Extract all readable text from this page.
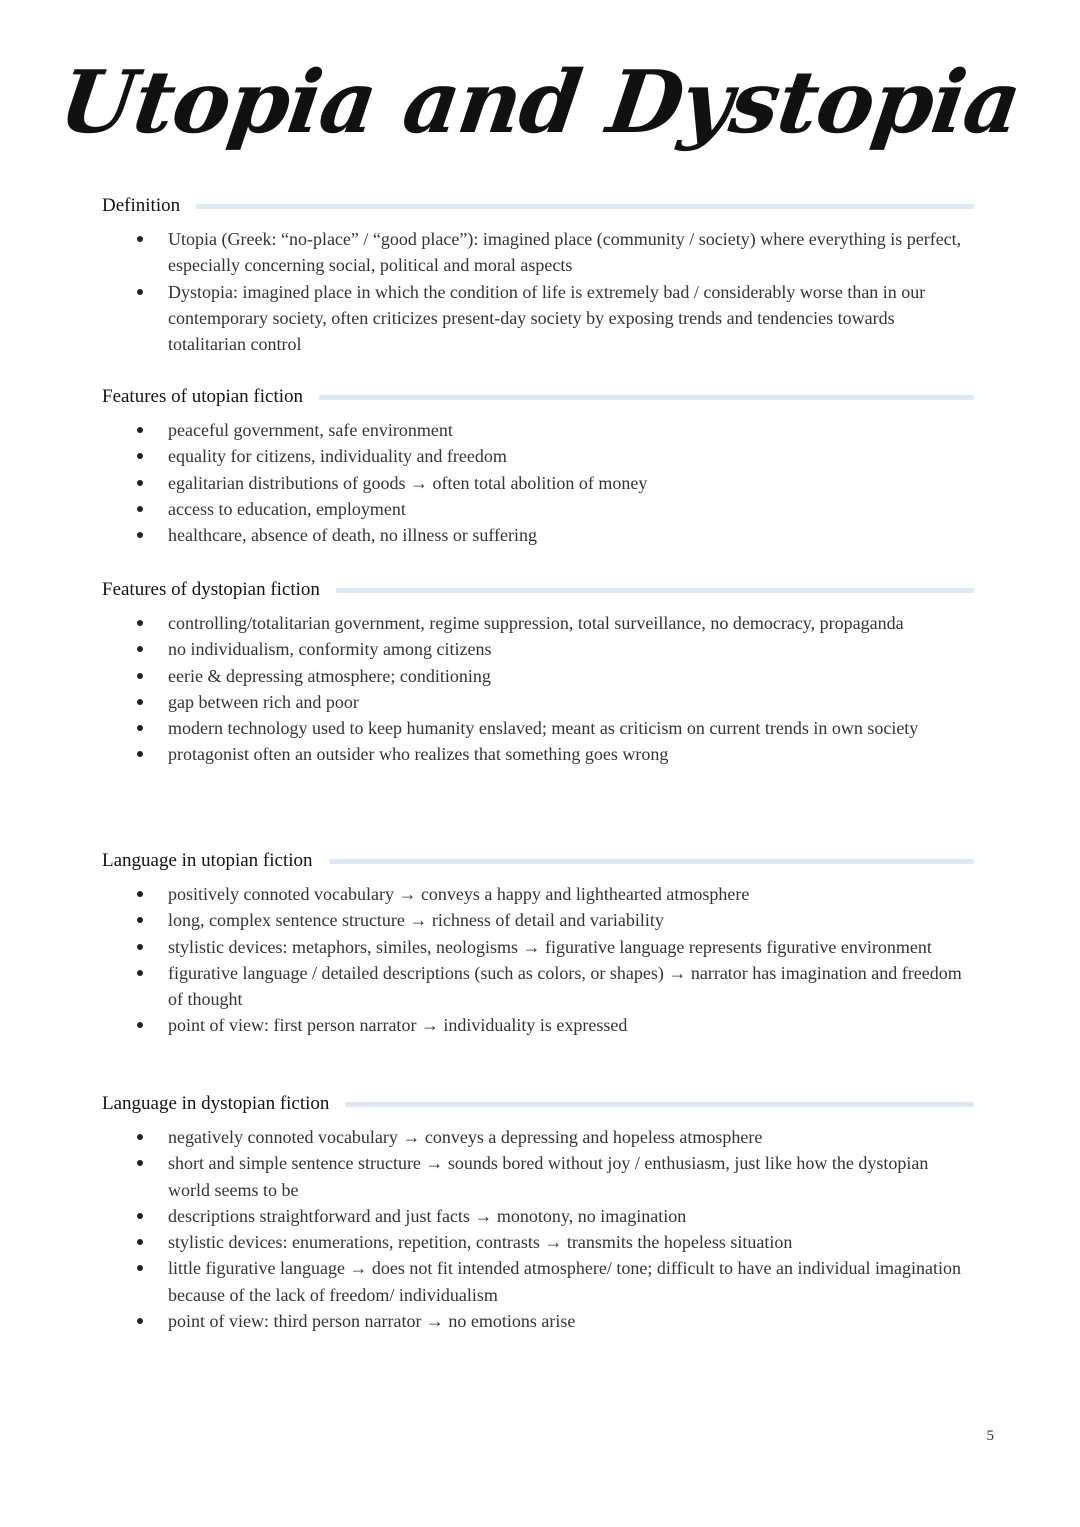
Utopia and Dystopia
Definition
Utopia (Greek: “no-place” / “good place”): imagined place (community / society) where everything is perfect, especially concerning social, political and moral aspects
Dystopia: imagined place in which the condition of life is extremely bad / considerably worse than in our contemporary society, often criticizes present-day society by exposing trends and tendencies towards totalitarian control
Features of utopian fiction
peaceful government, safe environment
equality for citizens, individuality and freedom
egalitarian distributions of goods → often total abolition of money
access to education, employment
healthcare, absence of death, no illness or suffering
Features of dystopian fiction
controlling/totalitarian government, regime suppression, total surveillance, no democracy, propaganda
no individualism, conformity among citizens
eerie & depressing atmosphere; conditioning
gap between rich and poor
modern technology used to keep humanity enslaved; meant as criticism on current trends in own society
protagonist often an outsider who realizes that something goes wrong
Language in utopian fiction
positively connoted vocabulary → conveys a happy and lighthearted atmosphere
long, complex sentence structure → richness of detail and variability
stylistic devices: metaphors, similes, neologisms → figurative language represents figurative environment
figurative language / detailed descriptions (such as colors, or shapes) → narrator has imagination and freedom of thought
point of view: first person narrator → individuality is expressed
Language in dystopian fiction
negatively connoted vocabulary → conveys a depressing and hopeless atmosphere
short and simple sentence structure → sounds bored without joy / enthusiasm, just like how the dystopian world seems to be
descriptions straightforward and just facts → monotony, no imagination
stylistic devices: enumerations, repetition, contrasts → transmits the hopeless situation
little figurative language → does not fit intended atmosphere/ tone; difficult to have an individual imagination because of the lack of freedom/ individualism
point of view: third person narrator → no emotions arise
5
